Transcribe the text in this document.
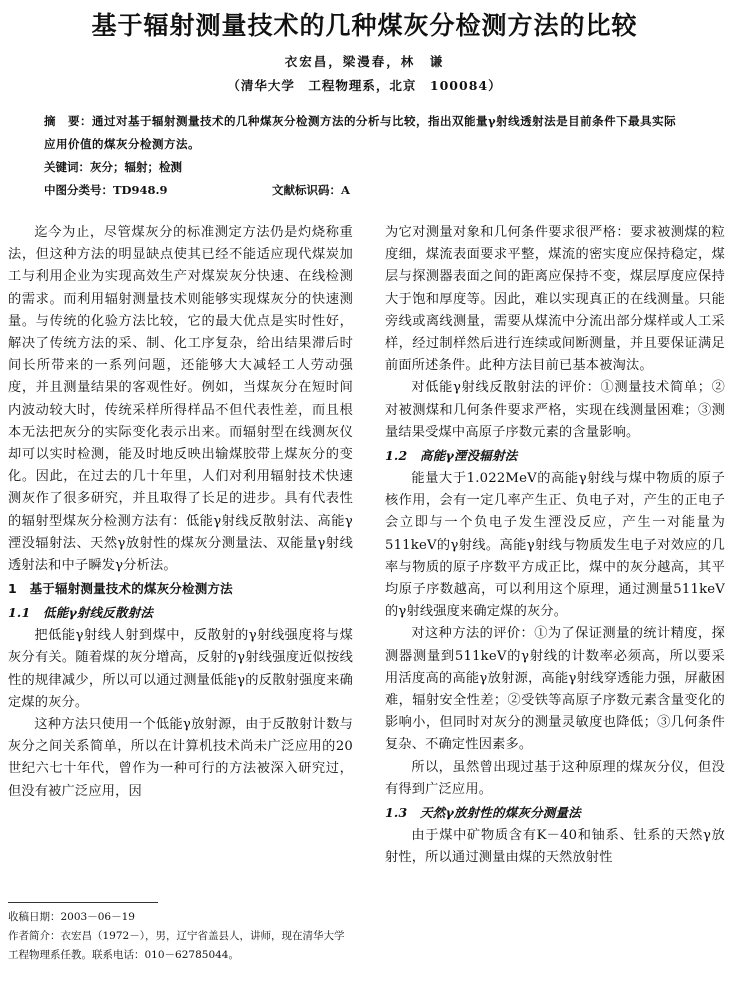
基于辐射测量技术的几种煤灰分检测方法的比较
衣宏昌，梁漫春，林　谦
（清华大学　工程物理系，北京　100084）
摘　要：通过对基于辐射测量技术的几种煤灰分检测方法的分析与比较，指出双能量γ射线透射法是目前条件下最具实际应用价值的煤灰分检测方法。
关键词：灰分；辐射；检测
中图分类号：TD948.9	文献标识码：A

迄今为止，尽管煤灰分的标准测定方法仍是灼烧称重法，但这种方法的明显缺点使其已经不能适应现代煤炭加工与利用企业为实现高效生产对煤炭灰分快速、在线检测的需求。而利用辐射测量技术则能够实现煤灰分的快速测量。与传统的化验方法比较，它的最大优点是实时性好，解决了传统方法的采、制、化工序复杂，给出结果滞后时间长所带来的一系列问题，还能够大大减轻工人劳动强度，并且测量结果的客观性好。例如，当煤灰分在短时间内波动较大时，传统采样所得样品不但代表性差，而且根本无法把灰分的实际变化表示出来。而辐射型在线测灰仪却可以实时检测，能及时地反映出输煤胶带上煤灰分的变化。因此，在过去的几十年里，人们对利用辐射技术快速测灰作了很多研究，并且取得了长足的进步。具有代表性的辐射型煤灰分检测方法有：低能γ射线反散射法、高能γ湮没辐射法、天然γ放射性的煤灰分测量法、双能量γ射线透射法和中子瞬发γ分析法。

1　基于辐射测量技术的煤灰分检测方法
1.1　低能γ射线反散射法

把低能γ射线人射到煤中，反散射的γ射线强度将与煤灰分有关。随着煤的灰分增高，反射的γ射线强度近似按线性的规律减少，所以可以通过测量低能γ的反散射强度来确定煤的灰分。

这种方法只使用一个低能γ放射源，由于反散射计数与灰分之间关系简单，所以在计算机技术尚未广泛应用的20世纪六七十年代，曾作为一种可行的方法被深入研究过，但没有被广泛应用，因

为它对测量对象和几何条件要求很严格：要求被测煤的粒度细，煤流表面要求平整，煤流的密实度应保持稳定，煤层与探测器表面之间的距离应保持不变，煤层厚度应保持大于饱和厚度等。因此，难以实现真正的在线测量。只能旁线或离线测量，需要从煤流中分流出部分煤样或人工采样，经过制样然后进行连续或间断测量，并且要保证满足前面所述条件。此种方法目前已基本被淘汰。

对低能γ射线反散射法的评价：①测量技术简单；②对被测煤和几何条件要求严格，实现在线测量困难；③测量结果受煤中高原子序数元素的含量影响。

1.2　高能γ湮没辐射法

能量大于1.022MeV的高能γ射线与煤中物质的原子核作用，会有一定几率产生正、负电子对，产生的正电子会立即与一个负电子发生湮没反应，产生一对能量为511keV的γ射线。高能γ射线与物质发生电子对效应的几率与物质的原子序数平方成正比，煤中的灰分越高，其平均原子序数越高，可以利用这个原理，通过测量511keV的γ射线强度来确定煤的灰分。

对这种方法的评价：①为了保证测量的统计精度，探测器测量到511keV的γ射线的计数率必须高，所以要采用活度高的高能γ放射源，高能γ射线穿透能力强，屏蔽困难，辐射安全性差；②受铁等高原子序数元素含量变化的影响小，但同时对灰分的测量灵敏度也降低；③几何条件复杂、不确定性因素多。

所以，虽然曾出现过基于这种原理的煤灰分仪，但没有得到广泛应用。

1.3　天然γ放射性的煤灰分测量法

由于煤中矿物质含有K－40和铀系、钍系的天然γ放射性，所以通过测量由煤的天然放射性

收稿日期：2003－06－19
作者简介：衣宏昌（1972－），男，辽宁省盖县人，讲师，现在清华大学工程物理系任教。联系电话：010－62785044。
